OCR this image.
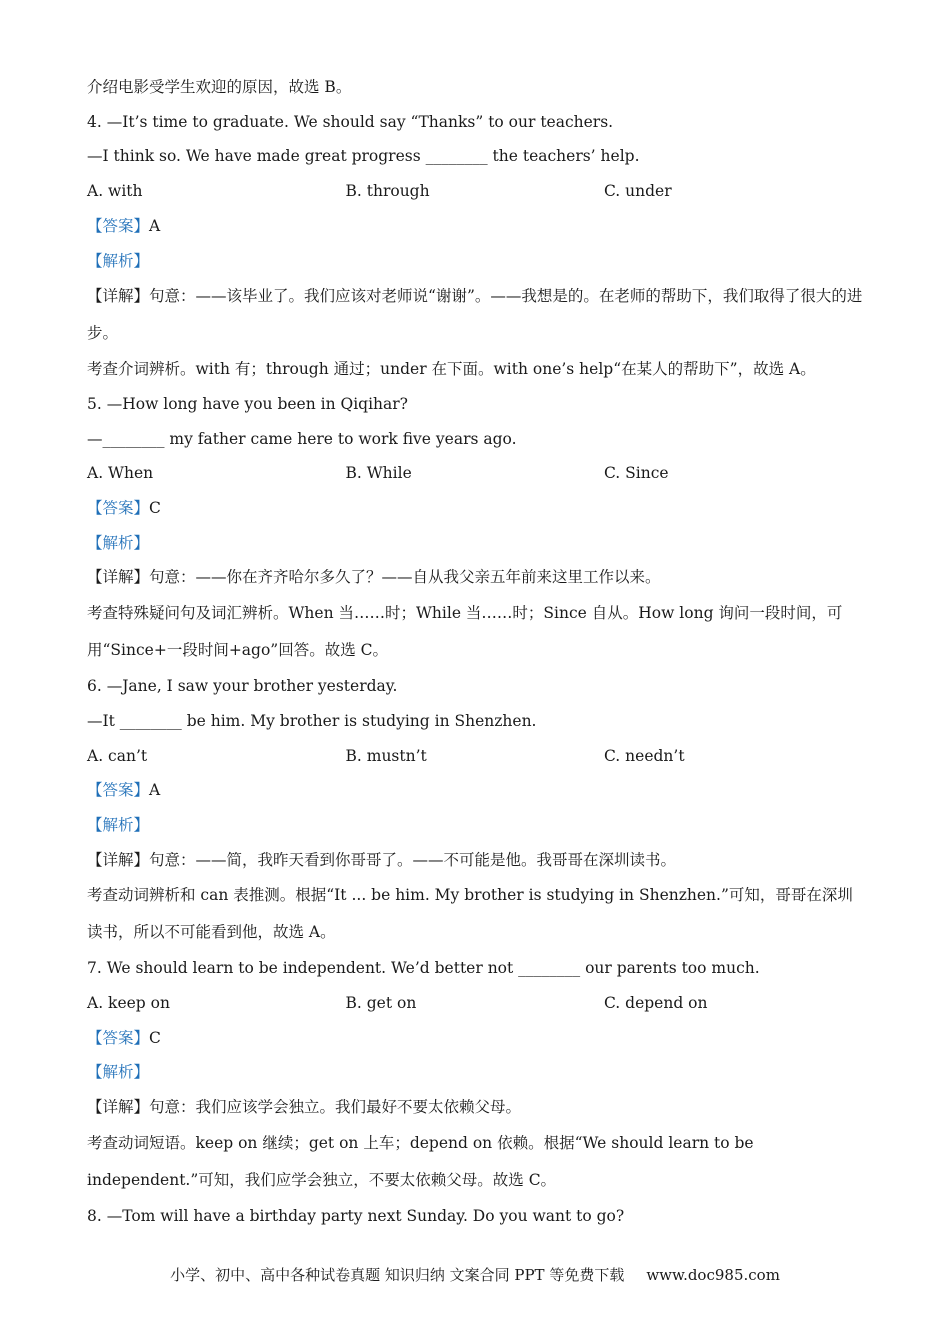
介绍电影受学生欢迎的原因，故选 B。

4. —It’s time to graduate. We should say “Thanks” to our teachers.

—I think so. We have made great progress ________ the teachers’ help.

A. with	B. through	C. under

【答案】A

【解析】

【详解】句意：——该毕业了。我们应该对老师说“谢谢”。——我想是的。在老师的帮助下，我们取得了很大的进步。

考查介词辨析。with 有；through 通过；under 在下面。with one’s help“在某人的帮助下”，故选 A。

5. —How long have you been in Qiqihar?

—________ my father came here to work five years ago.

A. When	B. While	C. Since

【答案】C

【解析】

【详解】句意：——你在齐齐哈尔多久了？——自从我父亲五年前来这里工作以来。

考查特殊疑问句及词汇辨析。When 当……时；While 当……时；Since 自从。How long 询问一段时间，可用“Since+一段时间+ago”回答。故选 C。

6. —Jane, I saw your brother yesterday.

—It ________ be him. My brother is studying in Shenzhen.

A. can’t	B. mustn’t	C. needn’t

【答案】A

【解析】

【详解】句意：——简，我昨天看到你哥哥了。——不可能是他。我哥哥在深圳读书。

考查动词辨析和 can 表推测。根据“It ... be him. My brother is studying in Shenzhen.”可知，哥哥在深圳读书，所以不可能看到他，故选 A。

7. We should learn to be independent. We’d better not ________ our parents too much.

A. keep on	B. get on	C. depend on

【答案】C

【解析】

【详解】句意：我们应该学会独立。我们最好不要太依赖父母。

考查动词短语。keep on 继续；get on 上车；depend on 依赖。根据“We should learn to be independent.”可知，我们应学会独立，不要太依赖父母。故选 C。

8. —Tom will have a birthday party next Sunday. Do you want to go?

小学、初中、高中各种试卷真题 知识归纳 文案合同 PPT 等免费下载 www.doc985.com
